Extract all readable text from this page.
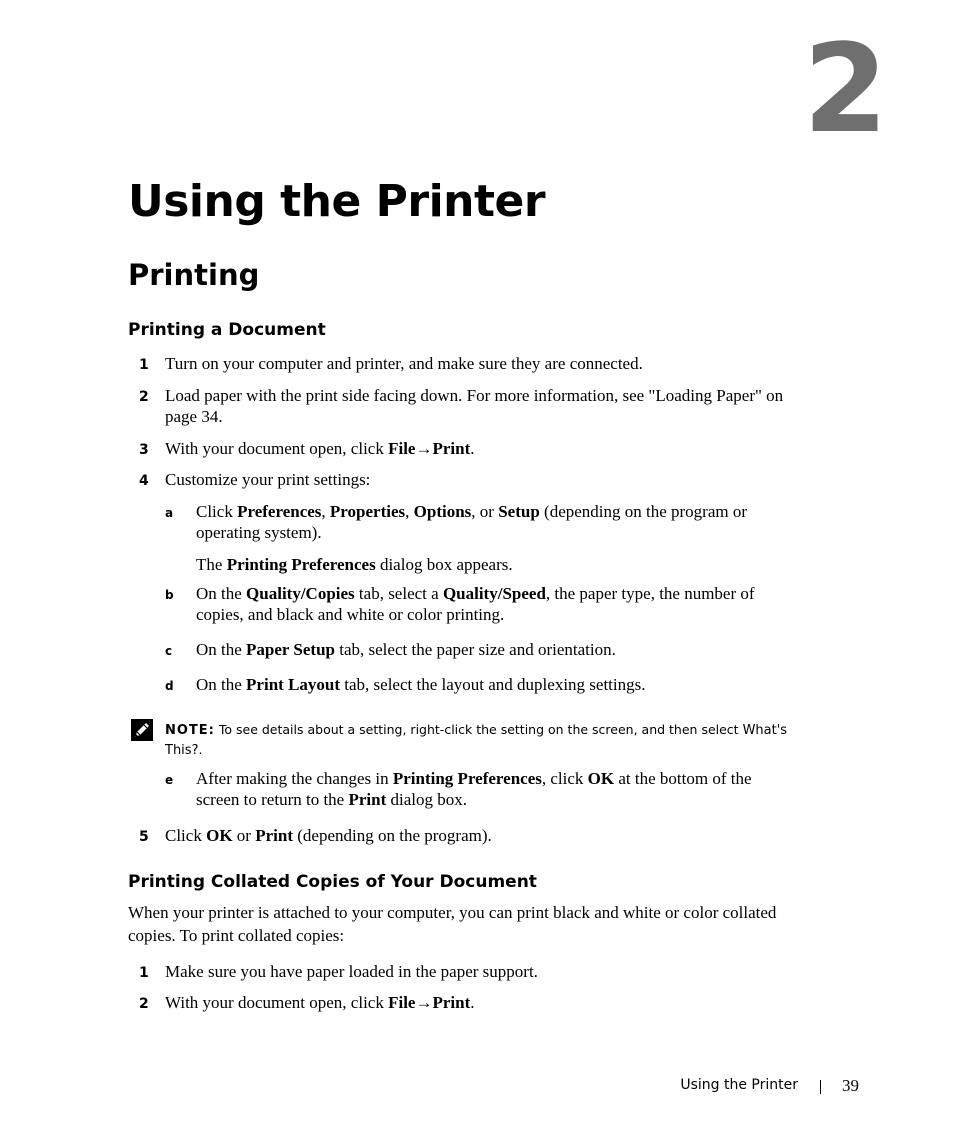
2
Using the Printer
Printing
Printing a Document
1 Turn on your computer and printer, and make sure they are connected.
2 Load paper with the print side facing down. For more information, see "Loading Paper" on
page 34.
3 With your document open, click File→Print.
4 Customize your print settings:
a Click Preferences, Properties, Options, or Setup (depending on the program or
operating system).
The Printing Preferences dialog box appears.
b On the Quality/Copies tab, select a Quality/Speed, the paper type, the number of
copies, and black and white or color printing.
c On the Paper Setup tab, select the paper size and orientation.
d On the Print Layout tab, select the layout and duplexing settings.
NOTE: To see details about a setting, right-click the setting on the screen, and then select What's
This?.
e After making the changes in Printing Preferences, click OK at the bottom of the
screen to return to the Print dialog box.
5 Click OK or Print (depending on the program).
Printing Collated Copies of Your Document
When your printer is attached to your computer, you can print black and white or color collated
copies. To print collated copies:
1 Make sure you have paper loaded in the paper support.
2 With your document open, click File→Print.
Using the Printer	39
